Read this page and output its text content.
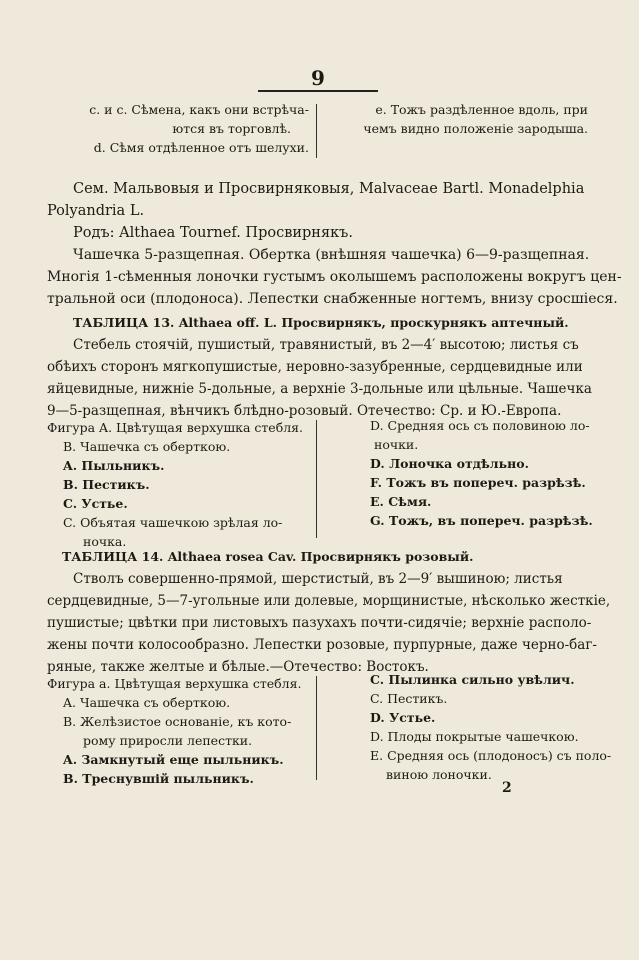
9
c. и с. Сѣмена, какъ они встрѣча-
ются въ торговлѣ.
d. Сѣмя отдѣленное отъ шелухи.
e. Тожъ раздѣленное вдоль, при
чемъ видно положеніе зародыша.
Сем. Мальвовыя и Просвирняковыя, Malvaceae Bartl. Monadelphia
Polyandria L.
Родъ: Althaea Tournef. Просвирнякъ.
Чашечка 5-разщепная. Обертка (внѣшняя чашечка) 6—9-разщепная.
Многія 1-сѣменныя лоночки густымъ околышемъ расположены вокругъ цен-
тральной оси (плодоноса). Лепестки снабженные ногтемъ, внизу сросшіеся.
ТАБЛИЦА 13. Althaea off. L. Просвирнякъ, проскурнякъ аптечный.
Стебель стоячій, пушистый, травянистый, въ 2—4′ высотою; листья съ
обѣихъ сторонъ мягкопушистые, неровно-зазубренные, сердцевидные или
яйцевидные, нижніе 5-дольные, а верхніе 3-дольные или цѣльные. Чашечка
9—5-разщепная, вѣнчикъ блѣдно-розовый. Отечество: Ср. и Ю.-Европа.
Фигура A. Цвѣтущая верхушка стебля.
B. Чашечка съ оберткою.
A. Пыльникъ.
B. Пестикъ.
C. Устье.
C. Объятая чашечкою зрѣлая ло-
ночка.
D. Средняя ось съ половиною ло-
ночки.
D. Лоночка отдѣльно.
F. Тожъ въ попереч. разрѣзѣ.
E. Сѣмя.
G. Тожъ, въ попереч. разрѣзѣ.
ТАБЛИЦА 14. Althaea rosea Cav. Просвирнякъ розовый.
Стволъ совершенно-прямой, шерстистый, въ 2—9′ вышиною; листья
сердцевидные, 5—7-угольные или долевые, морщинистые, нѣсколько жесткіе,
пушистые; цвѣтки при листовыхъ пазухахъ почти-сидячіе; верхніе располо-
жены почти колосообразно. Лепестки розовые, пурпурные, даже черно-баг-
ряные, также желтые и бѣлые.—Отечество: Востокъ.
Фигура a. Цвѣтущая верхушка стебля.
A. Чашечка съ оберткою.
B. Желѣзистое основаніе, къ кото-
рому приросли лепестки.
A. Замкнутый еще пыльникъ.
B. Треснувшій пыльникъ.
C. Пылинка сильно увѣлич.
C. Пестикъ.
D. Устье.
D. Плоды покрытые чашечкою.
E. Средняя ось (плодоносъ) съ поло-
виною лоночки.
2
